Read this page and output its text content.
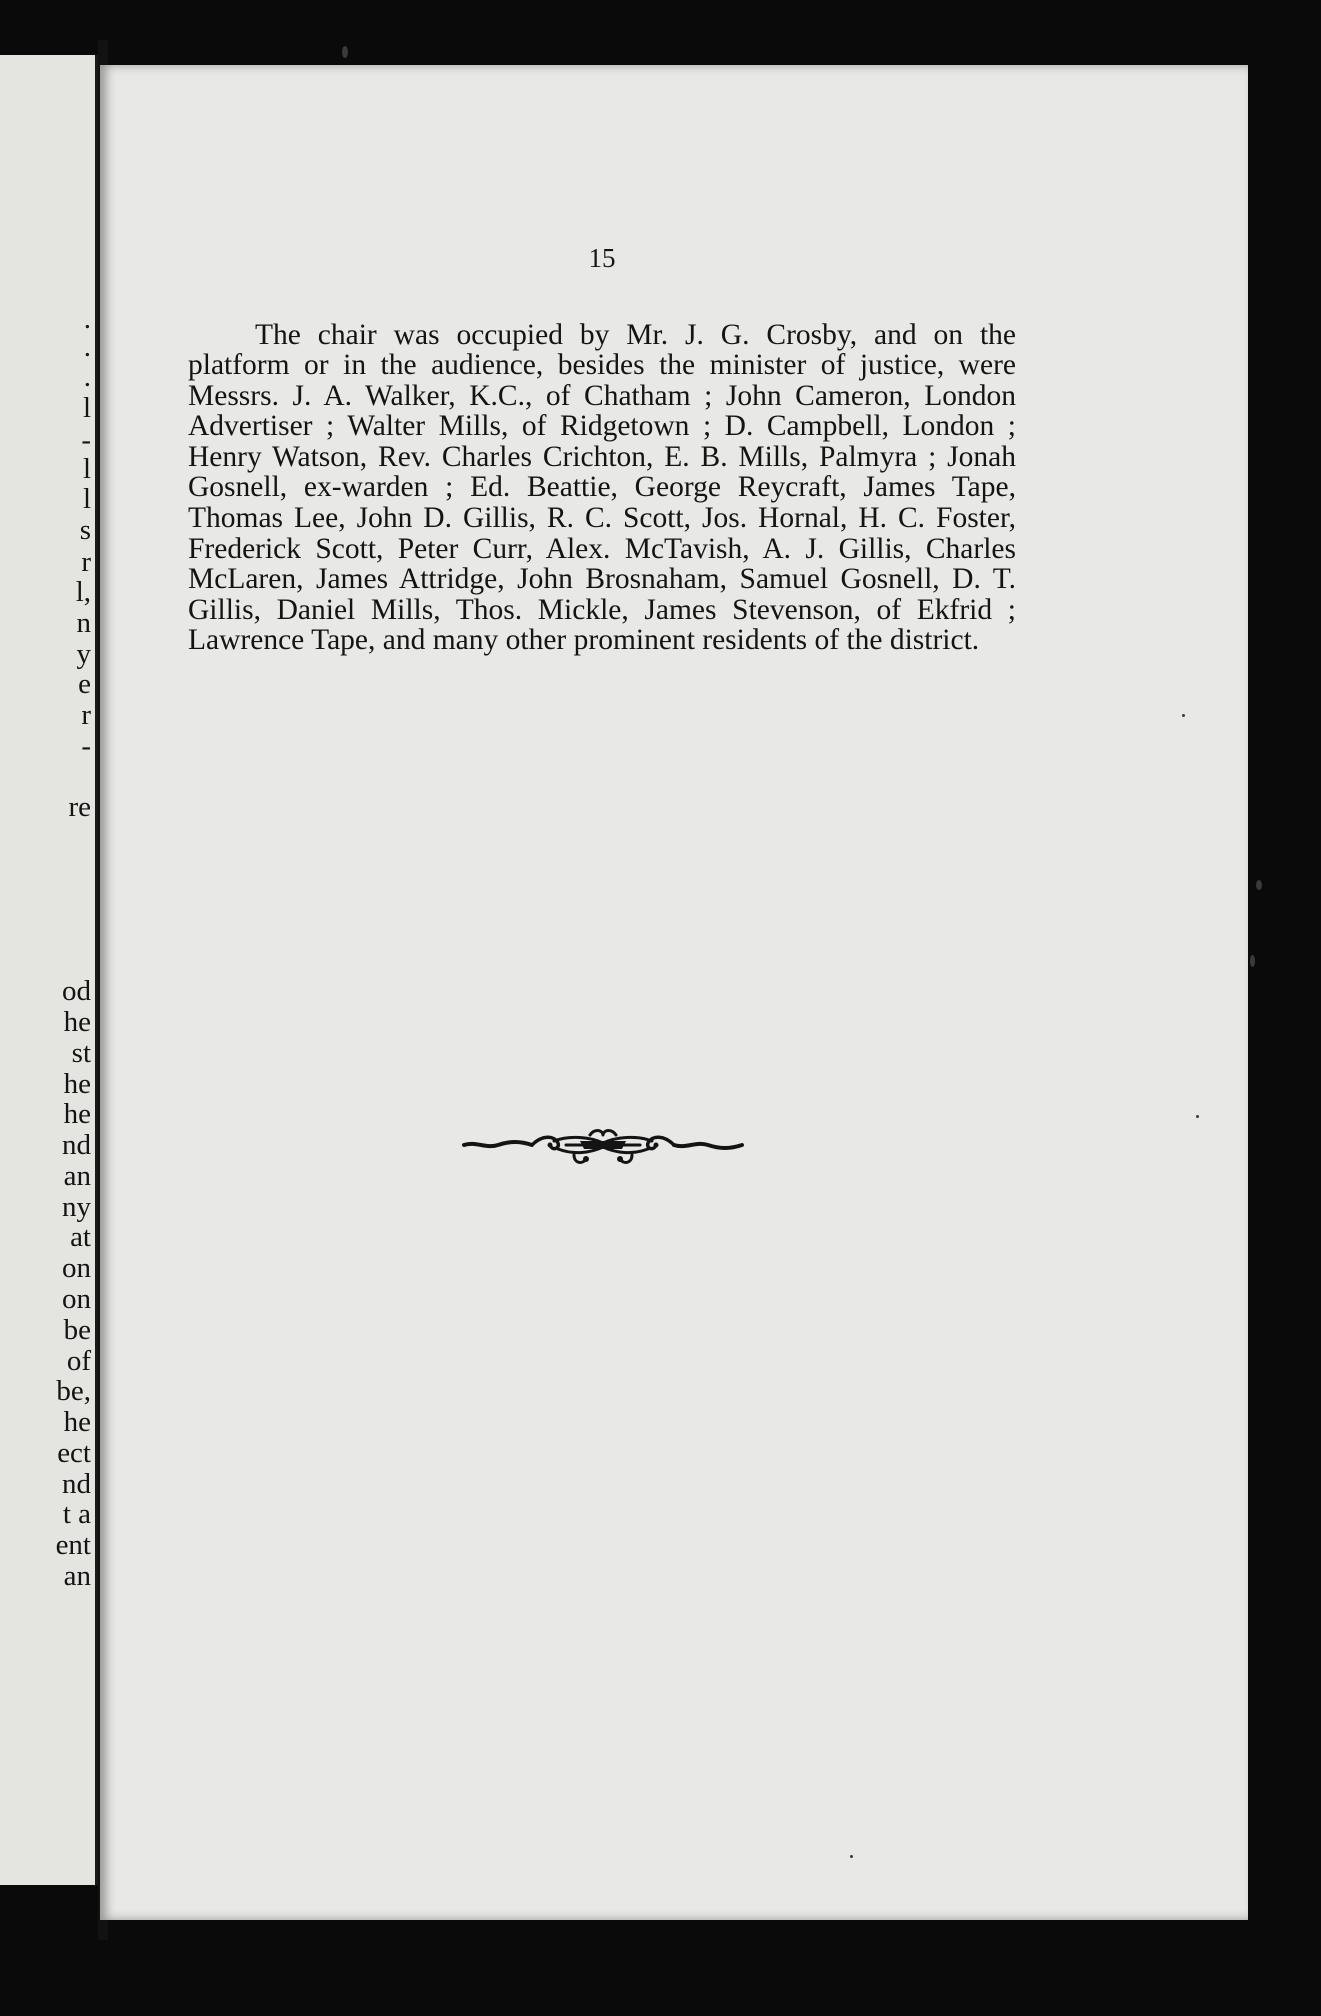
.
.
.
l
-
l
l
s
r
l,
n
y
e
r
-
re
od
he
st
he
he
nd
an
ny
at
on
on
be
of
be,
he
ect
nd
t a
ent
an
15

The chair was occupied by Mr. J. G. Crosby, and on the platform or in the audience, besides the minister of justice, were Messrs. J. A. Walker, K.C., of Chatham ; John Cameron, London Advertiser ; Walter Mills, of Ridgetown ; D. Campbell, London ; Henry Watson, Rev. Charles Crichton, E. B. Mills, Palmyra ; Jonah Gosnell, ex-warden ; Ed. Beattie, George Reycraft, James Tape, Thomas Lee, John D. Gillis, R. C. Scott, Jos. Hornal, H. C. Foster, Frederick Scott, Peter Curr, Alex. McTavish, A. J. Gillis, Charles McLaren, James Attridge, John Brosnaham, Samuel Gosnell, D. T. Gillis, Daniel Mills, Thos. Mickle, James Stevenson, of Ekfrid ; Lawrence Tape, and many other prominent residents of the district.
